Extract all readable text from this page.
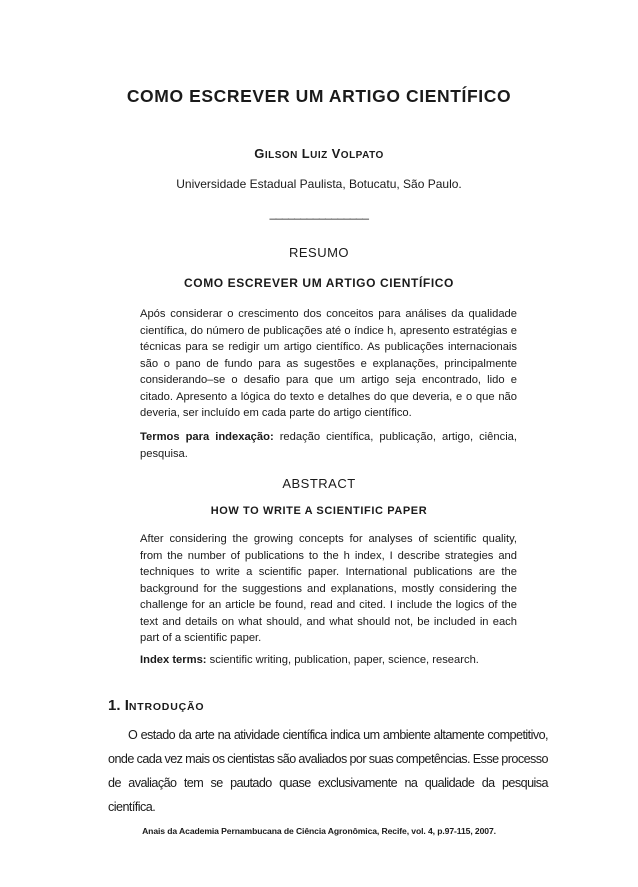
COMO ESCREVER UM ARTIGO CIENTÍFICO
GILSON LUIZ VOLPATO
Universidade Estadual Paulista, Botucatu, São Paulo.
________________
RESUMO
COMO ESCREVER UM ARTIGO CIENTÍFICO

Após considerar o crescimento dos conceitos para análises da qualidade científica, do número de publicações até o índice h, apresento estratégias e técnicas para se redigir um artigo científico. As publicações internacionais são o pano de fundo para as sugestões e explanações, principalmente considerando–se o desafio para que um artigo seja encontrado, lido e citado. Apresento a lógica do texto e detalhes do que deveria, e o que não deveria, ser incluído em cada parte do artigo científico.

Termos para indexação: redação científica, publicação, artigo, ciência, pesquisa.

ABSTRACT
HOW TO WRITE A SCIENTIFIC PAPER

After considering the growing concepts for analyses of scientific quality, from the number of publications to the h index, I describe strategies and techniques to write a scientific paper. International publications are the background for the suggestions and explanations, mostly considering the challenge for an article be found, read and cited. I include the logics of the text and details on what should, and what should not, be included in each part of a scientific paper.

Index terms: scientific writing, publication, paper, science, research.

1. INTRODUÇÃO

O estado da arte na atividade científica indica um ambiente altamente competitivo, onde cada vez mais os cientistas são avaliados por suas competências. Esse processo de avaliação tem se pautado quase exclusivamente na qualidade da pesquisa científica.

Anais da Academia Pernambucana de Ciência Agronômica, Recife, vol. 4, p.97-115, 2007.
